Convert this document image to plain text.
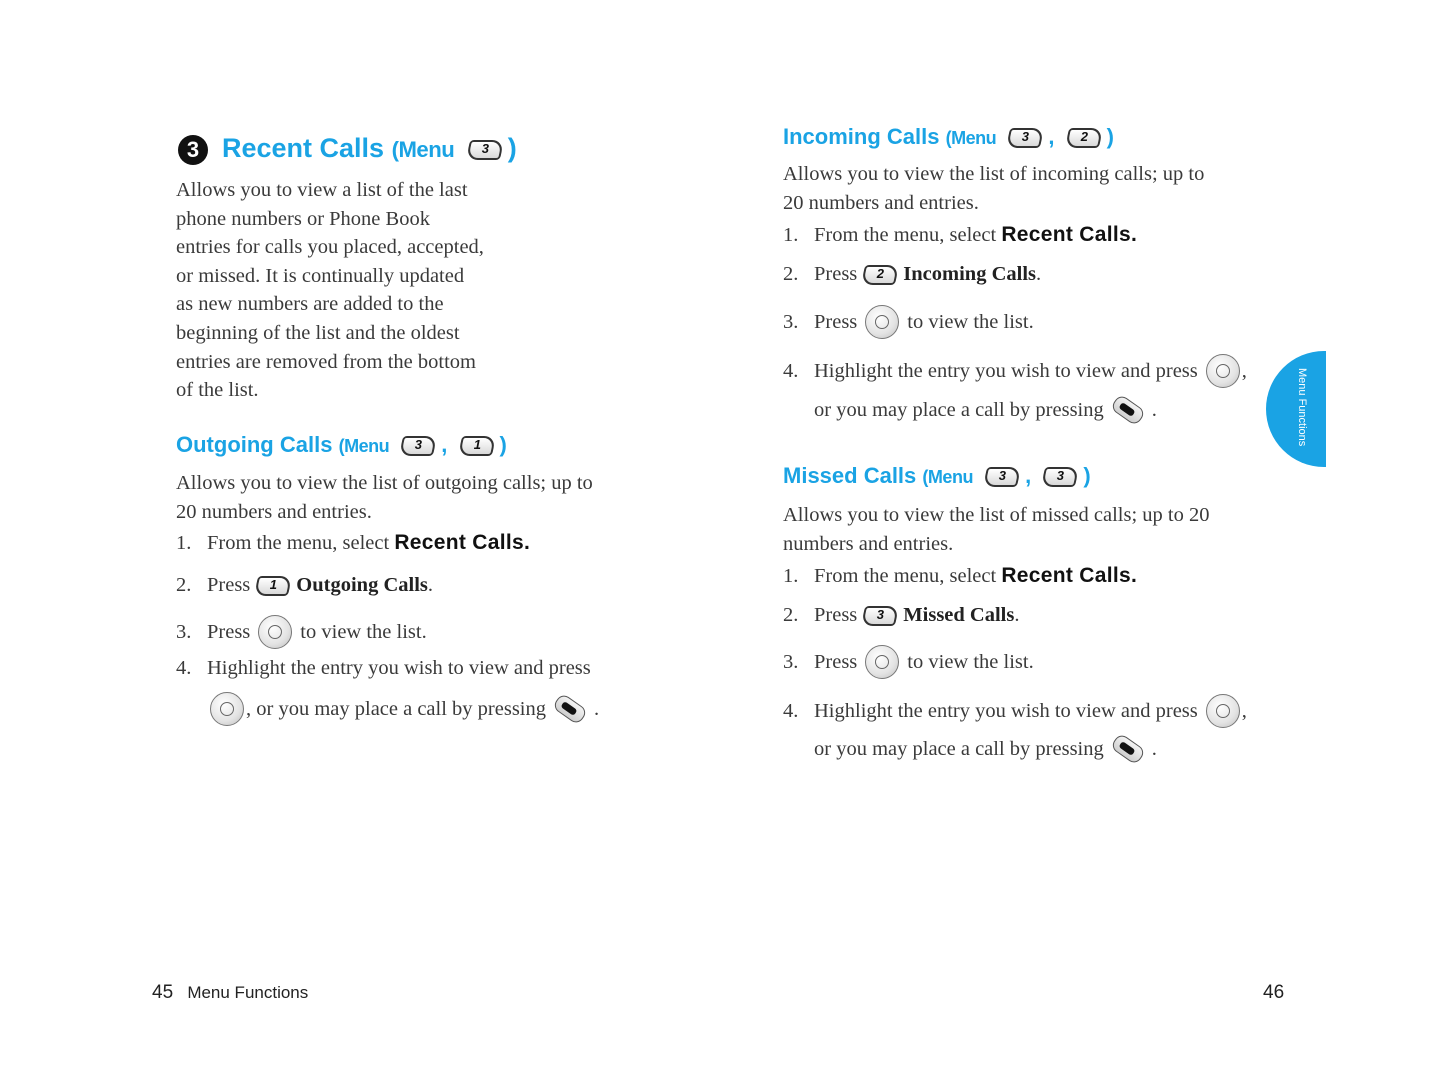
3 Recent Calls (Menu	3 )
Allows you to view a list of the last
phone numbers or Phone Book
entries for calls you placed, accepted,
or missed. It is continually updated
as new numbers are added to the
beginning of the list and the oldest
entries are removed from the bottom
of the list.
Outgoing Calls (Menu	3 ,	1 )
Allows you to view the list of outgoing calls; up to
20 numbers and entries.
1. From the menu, select
Recent Calls.
2. Press	1 Outgoing Calls .
3. Press to view the list.
4. Highlight the entry you wish to view and press
, or you may place a call by pressing .
Incoming Calls (Menu	3 ,	2 )
Allows you to view the list of incoming calls; up to
20 numbers and entries.
1. From the menu, select
Recent Calls.
2. Press	2 Incoming Calls .
3. Press to view the list.
4. Highlight the entry you wish to view and press ,
or you may place a call by pressing .
Missed Calls (Menu	3 ,	3 )
Allows you to view the list of missed calls; up to 20
numbers and entries.
1. From the menu, select
Recent Calls.
2. Press	3 Missed Calls .
3. Press to view the list.
4. Highlight the entry you wish to view and press ,
or you may place a call by pressing .
Menu Functions
45 Menu Functions	46
